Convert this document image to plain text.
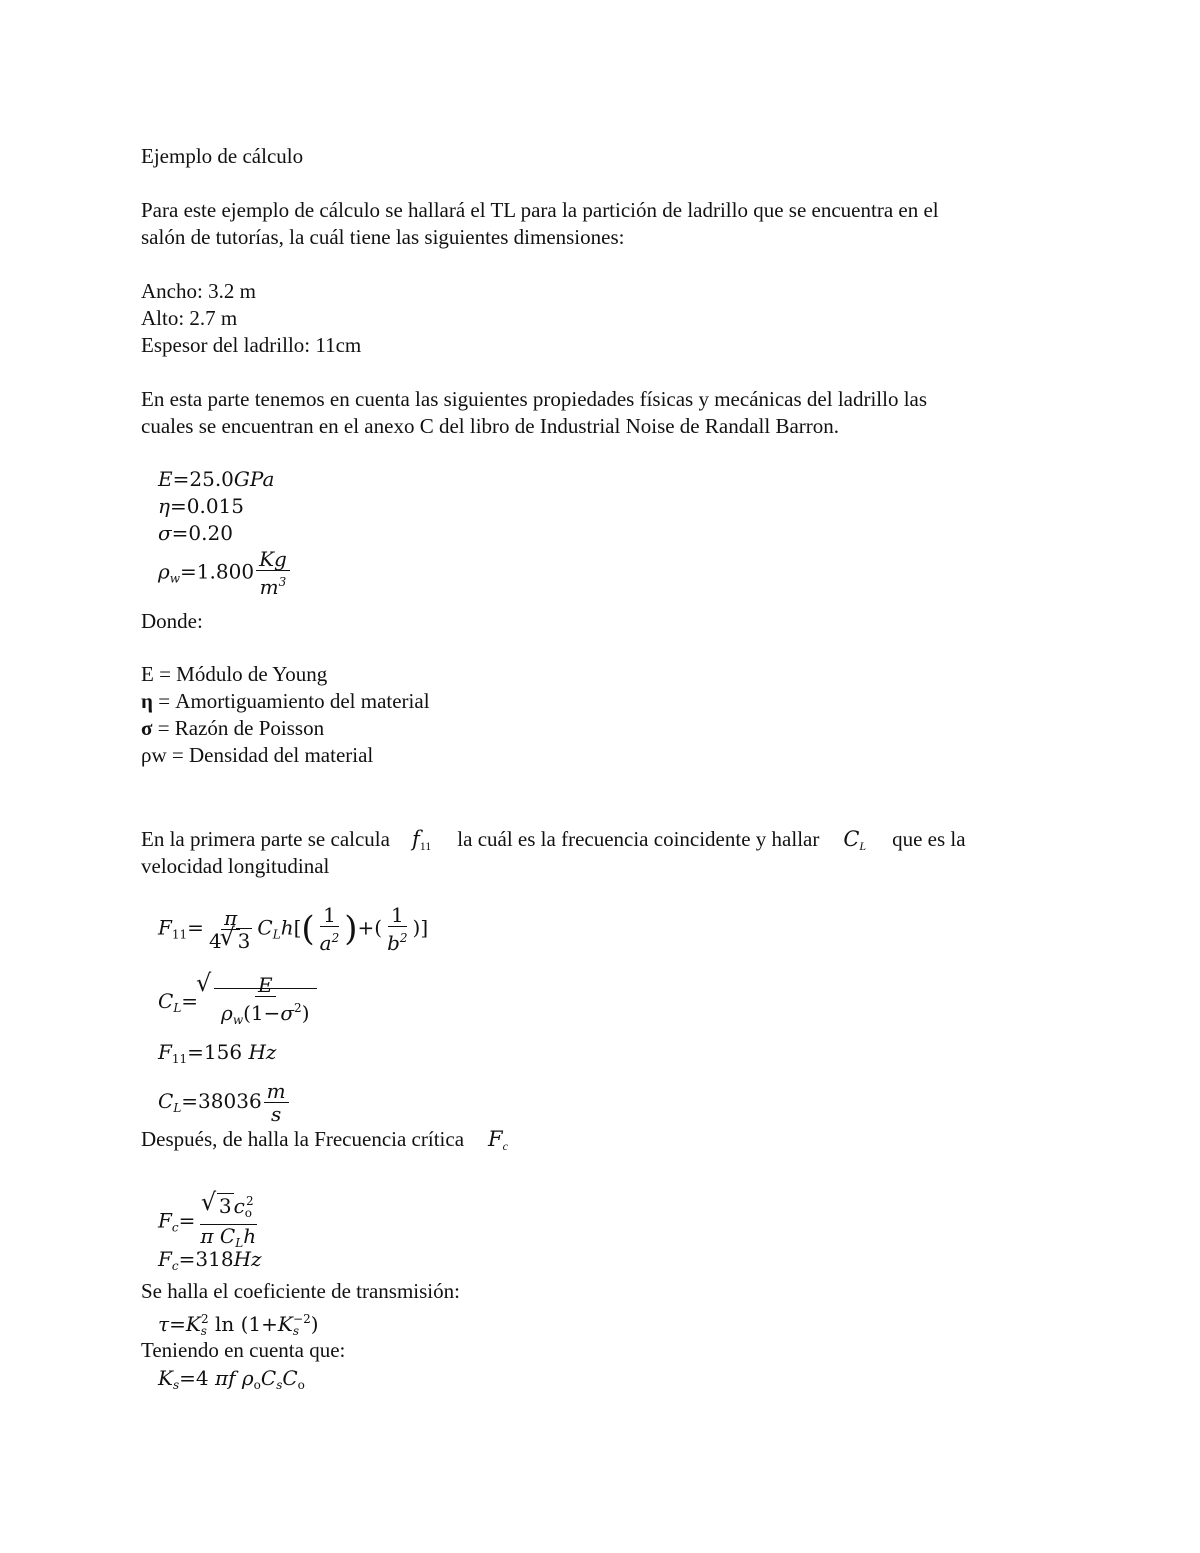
Ejemplo de cálculo
Para este ejemplo de cálculo se hallará el TL para la partición de ladrillo que se encuentra en el
salón de tutorías, la cuál tiene las siguientes dimensiones:
Ancho: 3.2 m
Alto: 2.7 m
Espesor del ladrillo: 11cm
En esta parte tenemos en cuenta las siguientes propiedades físicas y mecánicas del ladrillo las
cuales se encuentran en el anexo C del libro de Industrial Noise de Randall Barron.
E=25.0GPa
η=0.015
σ=0.20
$\rho_w=1.800 \frac{Kg}{m^3}$
Donde:
E = Módulo de Young
η = Amortiguamiento del material
σ = Razón de Poisson
ρw = Densidad del material
En la primera parte se calcula $f_{11}$ la cuál es la frecuencia coincidente y hallar $C_L$ que es la
velocidad longitudinal
$F_{11}= \frac{\pi}{4 √ 3} C_Lh[( \frac{1}{a^2}$ )+( $\frac{1}{b^2}$ )]
$C_L=$ √ $\frac{E}{\rho_w(1-\sigma^2)}$
$F_{11}=156$ Hz
$C_L=38036 \frac{m}{s}$
Después, de halla la Frecuencia crítica $F_c$
$F_c=$ √ $\frac{3 c_o^2}{\pi C_Lh}$
$F_c=318Hz$
Se halla el coeficiente de transmisión:
$\tau=K_s^2$ $\ln (1+K_s^{-2})$
Teniendo en cuenta que:
$K_s=4$ πf $\rho_oC_sC_o$
